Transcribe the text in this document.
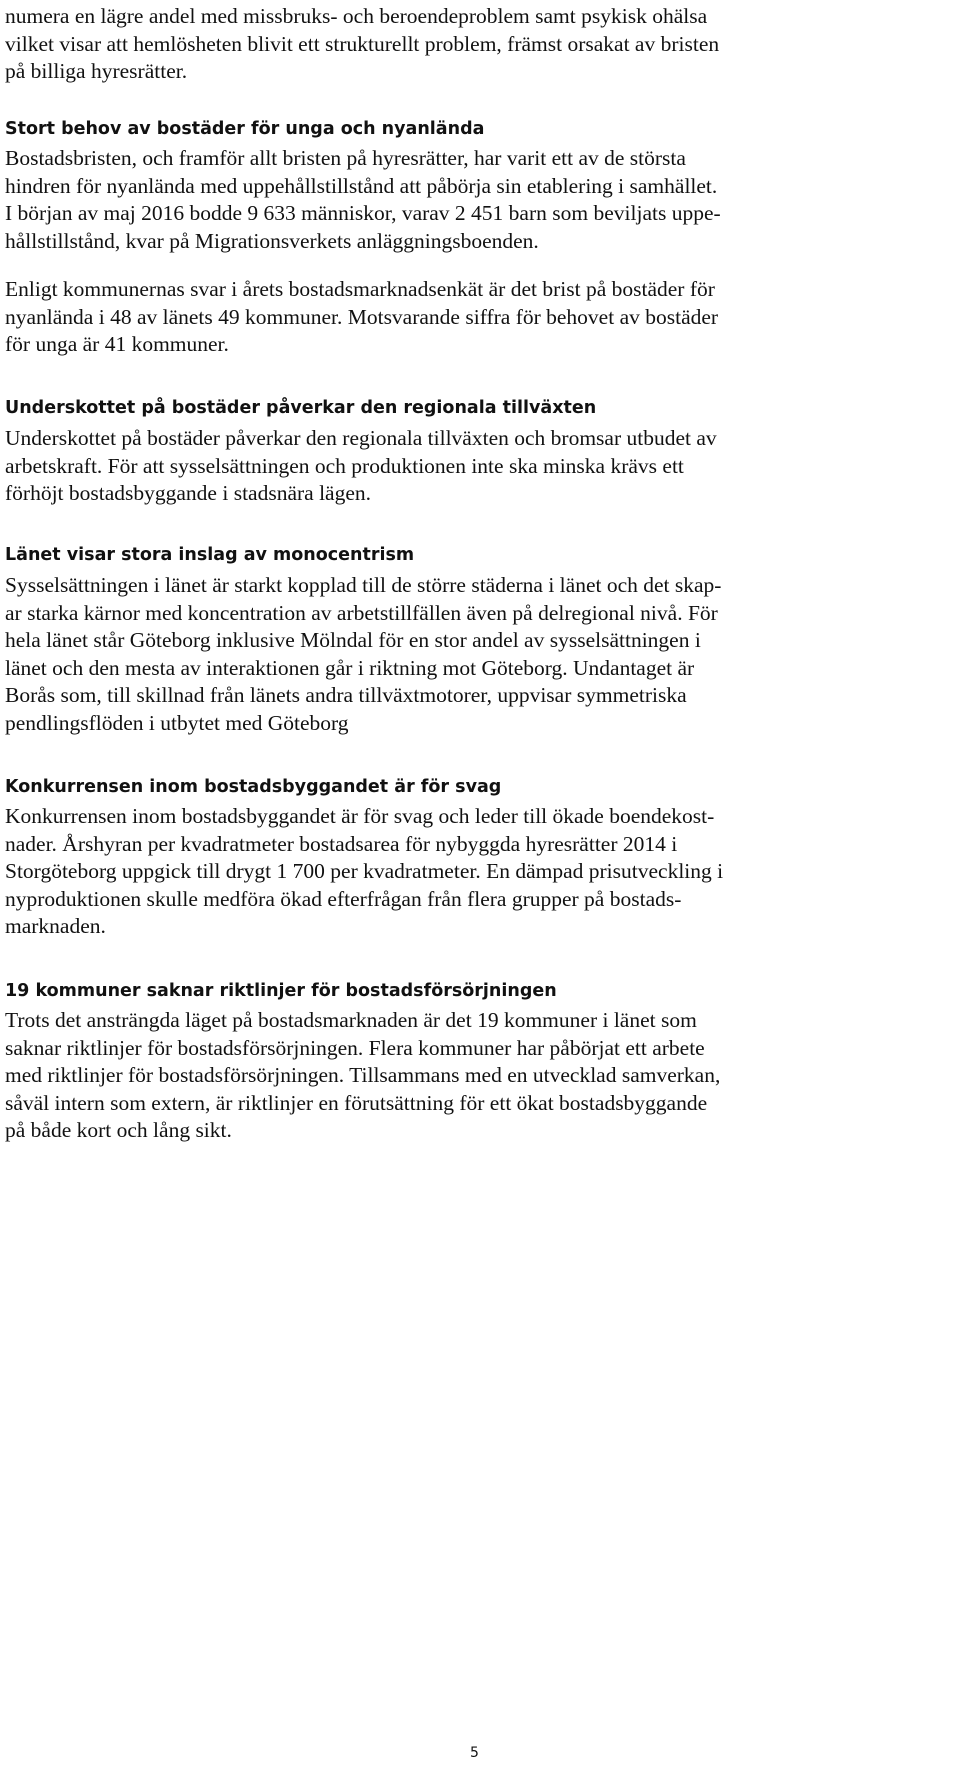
numera en lägre andel med missbruks- och beroendeproblem samt psykisk ohälsa
vilket visar att hemlösheten blivit ett strukturellt problem, främst orsakat av bristen
på billiga hyresrätter.

Stort behov av bostäder för unga och nyanlända

Bostadsbristen, och framför allt bristen på hyresrätter, har varit ett av de största
hindren för nyanlända med uppehållstillstånd att påbörja sin etablering i samhället.
I början av maj 2016 bodde 9 633 människor, varav 2 451 barn som beviljats uppe-
hållstillstånd, kvar på Migrationsverkets anläggningsboenden.

Enligt kommunernas svar i årets bostadsmarknadsenkät är det brist på bostäder för
nyanlända i 48 av länets 49 kommuner. Motsvarande siffra för behovet av bostäder
för unga är 41 kommuner.

Underskottet på bostäder påverkar den regionala tillväxten

Underskottet på bostäder påverkar den regionala tillväxten och bromsar utbudet av
arbetskraft. För att sysselsättningen och produktionen inte ska minska krävs ett
förhöjt bostadsbyggande i stadsnära lägen.

Länet visar stora inslag av monocentrism

Sysselsättningen i länet är starkt kopplad till de större städerna i länet och det skap-
ar starka kärnor med koncentration av arbetstillfällen även på delregional nivå. För
hela länet står Göteborg inklusive Mölndal för en stor andel av sysselsättningen i
länet och den mesta av interaktionen går i riktning mot Göteborg. Undantaget är
Borås som, till skillnad från länets andra tillväxtmotorer, uppvisar symmetriska
pendlingsflöden i utbytet med Göteborg

Konkurrensen inom bostadsbyggandet är för svag

Konkurrensen inom bostadsbyggandet är för svag och leder till ökade boendekost-
nader. Årshyran per kvadratmeter bostadsarea för nybyggda hyresrätter 2014 i
Storgöteborg uppgick till drygt 1 700 per kvadratmeter. En dämpad prisutveckling i
nyproduktionen skulle medföra ökad efterfrågan från flera grupper på bostads-
marknaden.

19 kommuner saknar riktlinjer för bostadsförsörjningen

Trots det ansträngda läget på bostadsmarknaden är det 19 kommuner i länet som
saknar riktlinjer för bostadsförsörjningen. Flera kommuner har påbörjat ett arbete
med riktlinjer för bostadsförsörjningen. Tillsammans med en utvecklad samverkan,
såväl intern som extern, är riktlinjer en förutsättning för ett ökat bostadsbyggande
på både kort och lång sikt.

5
